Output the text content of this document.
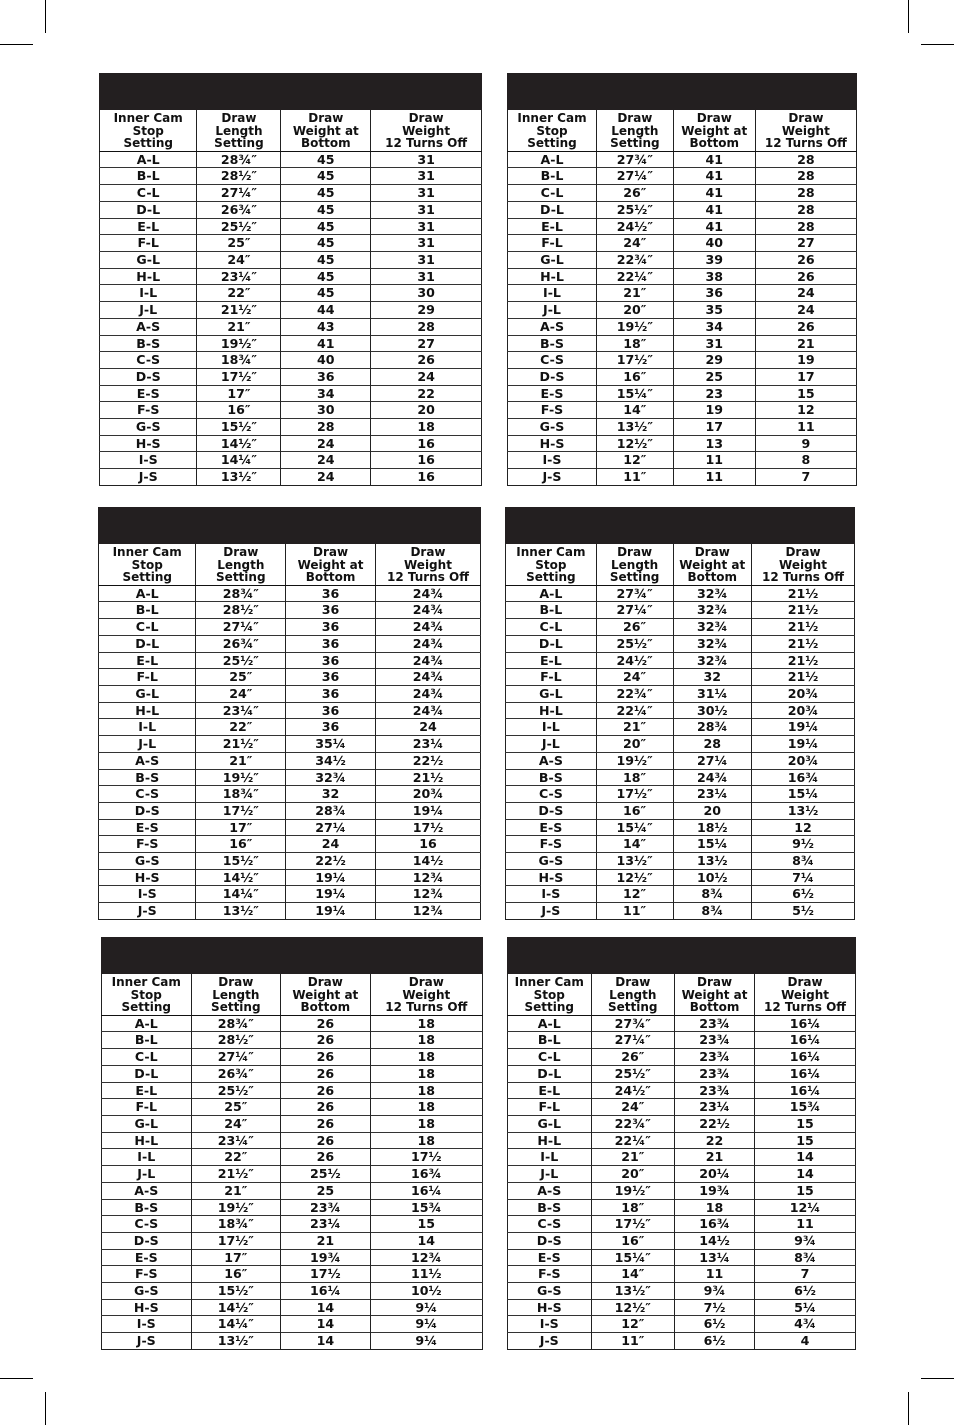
Inner Cam
Stop
Setting	Draw
Length
Setting	Draw
Weight at
Bottom	Draw
Weight
12 Turns Off

A-L	28¾″	45	31
B-L	28½″	45	31
C-L	27¼″	45	31
D-L	26¾″	45	31
E-L	25½″	45	31
F-L	25″	45	31
G-L	24″	45	31
H-L	23¼″	45	31
I-L	22″	45	30
J-L	21½″	44	29
A-S	21″	43	28
B-S	19½″	41	27
C-S	18¾″	40	26
D-S	17½″	36	24
E-S	17″	34	22
F-S	16″	30	20
G-S	15½″	28	18
H-S	14½″	24	16
I-S	14¼″	24	16
J-S	13½″	24	16
Inner Cam
Stop
Setting	Draw
Length
Setting	Draw
Weight at
Bottom	Draw
Weight
12 Turns Off

A-L	27¾″	41	28
B-L	27¼″	41	28
C-L	26″	41	28
D-L	25½″	41	28
E-L	24½″	41	28
F-L	24″	40	27
G-L	22¾″	39	26
H-L	22¼″	38	26
I-L	21″	36	24
J-L	20″	35	24
A-S	19½″	34	26
B-S	18″	31	21
C-S	17½″	29	19
D-S	16″	25	17
E-S	15¼″	23	15
F-S	14″	19	12
G-S	13½″	17	11
H-S	12½″	13	9
I-S	12″	11	8
J-S	11″	11	7
Inner Cam
Stop
Setting	Draw
Length
Setting	Draw
Weight at
Bottom	Draw
Weight
12 Turns Off

A-L	28¾″	36	24¾
B-L	28½″	36	24¾
C-L	27¼″	36	24¾
D-L	26¾″	36	24¾
E-L	25½″	36	24¾
F-L	25″	36	24¾
G-L	24″	36	24¾
H-L	23¼″	36	24¾
I-L	22″	36	24
J-L	21½″	35¼	23¼
A-S	21″	34½	22½
B-S	19½″	32¾	21½
C-S	18¾″	32	20¾
D-S	17½″	28¾	19¼
E-S	17″	27¼	17½
F-S	16″	24	16
G-S	15½″	22½	14½
H-S	14½″	19¼	12¾
I-S	14¼″	19¼	12¾
J-S	13½″	19¼	12¾
Inner Cam
Stop
Setting	Draw
Length
Setting	Draw
Weight at
Bottom	Draw
Weight
12 Turns Off

A-L	27¾″	32¾	21½
B-L	27¼″	32¾	21½
C-L	26″	32¾	21½
D-L	25½″	32¾	21½
E-L	24½″	32¾	21½
F-L	24″	32	21½
G-L	22¾″	31¼	20¾
H-L	22¼″	30½	20¾
I-L	21″	28¾	19¼
J-L	20″	28	19¼
A-S	19½″	27¼	20¾
B-S	18″	24¾	16¾
C-S	17½″	23¼	15¼
D-S	16″	20	13½
E-S	15¼″	18½	12
F-S	14″	15¼	9½
G-S	13½″	13½	8¾
H-S	12½″	10½	7¼
I-S	12″	8¾	6½
J-S	11″	8¾	5½
Inner Cam
Stop
Setting	Draw
Length
Setting	Draw
Weight at
Bottom	Draw
Weight
12 Turns Off

A-L	28¾″	26	18
B-L	28½″	26	18
C-L	27¼″	26	18
D-L	26¾″	26	18
E-L	25½″	26	18
F-L	25″	26	18
G-L	24″	26	18
H-L	23¼″	26	18
I-L	22″	26	17½
J-L	21½″	25½	16¾
A-S	21″	25	16¼
B-S	19½″	23¾	15¾
C-S	18¾″	23¼	15
D-S	17½″	21	14
E-S	17″	19¾	12¾
F-S	16″	17½	11½
G-S	15½″	16¼	10½
H-S	14½″	14	9¼
I-S	14¼″	14	9¼
J-S	13½″	14	9¼
Inner Cam
Stop
Setting	Draw
Length
Setting	Draw
Weight at
Bottom	Draw
Weight
12 Turns Off

A-L	27¾″	23¾	16¼
B-L	27¼″	23¾	16¼
C-L	26″	23¾	16¼
D-L	25½″	23¾	16¼
E-L	24½″	23¾	16¼
F-L	24″	23¼	15¾
G-L	22¾″	22½	15
H-L	22¼″	22	15
I-L	21″	21	14
J-L	20″	20¼	14
A-S	19½″	19¾	15
B-S	18″	18	12¼
C-S	17½″	16¾	11
D-S	16″	14½	9¾
E-S	15¼″	13¼	8¾
F-S	14″	11	7
G-S	13½″	9¾	6½
H-S	12½″	7½	5¼
I-S	12″	6½	4¾
J-S	11″	6½	4
